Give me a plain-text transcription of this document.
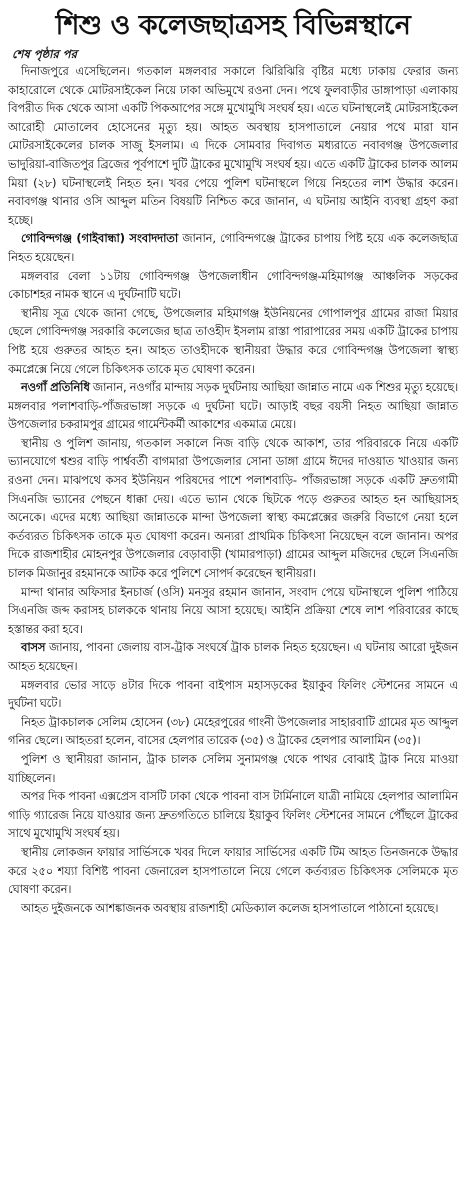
শিশু ও কলেজছাত্রসহ বিভিন্নস্থানে
শেষ পৃষ্ঠার পর

দিনাজপুরে এসেছিলেন। গতকাল মঙ্গলবার সকালে ঝিরিঝিরি বৃষ্টির মধ্যে ঢাকায় ফেরার জন্য কাহারোলে থেকে মোটরসাইকেল নিয়ে ঢাকা অভিমুখে রওনা দেন। পথে ফুলবাড়ীর ডাঙ্গাপাড়া এলাকায় বিপরীত দিক থেকে আসা একটি পিকআপের সঙ্গে মুখোমুখি সংঘর্ষ হয়। এতে ঘটনাস্থলেই মোটরসাইকেল আরোহী মোতালেব হোসেনের মৃত্যু হয়। আহত অবস্থায় হাসপাতালে নেয়ার পথে মারা যান মোটরসাইকেলের চালক সাজু ইসলাম। এ দিকে সোমবার দিবাগত মধ্যরাতে নবাবগঞ্জ উপজেলার ভাদুরিয়া-বাজিতপুর ব্রিজের পূর্বপাশে দুটি ট্রাকের মুখোমুখি সংঘর্ষ হয়। এতে একটি ট্রাকের চালক আলম মিয়া (২৮) ঘটনাস্থলেই নিহত হন। খবর পেয়ে পুলিশ ঘটনাস্থলে গিয়ে নিহতের লাশ উদ্ধার করেন। নবাবগঞ্জ থানার ওসি আব্দুল মতিন বিষয়টি নিশ্চিত করে জানান, এ ঘটনায় আইনি ব্যবস্থা গ্রহণ করা হচ্ছে।

গোবিন্দগঞ্জ (গাইবান্ধা) সংবাদদাতা জানান, গোবিন্দগঞ্জে ট্রাকের চাপায় পিষ্ট হয়ে এক কলেজছাত্র নিহত হয়েছেন।

মঙ্গলবার বেলা ১১টায় গোবিন্দগঞ্জ উপজেলাধীন গোবিন্দগঞ্জ-মহিমাগঞ্জ আঞ্চলিক সড়কের কোচাশহর নামক স্থানে এ দুর্ঘটনাটি ঘটে।

স্থানীয় সূত্র থেকে জানা গেছে, উপজেলার মহিমাগঞ্জ ইউনিয়নের গোপালপুর গ্রামের রাজা মিয়ার ছেলে গোবিন্দগঞ্জ সরকারি কলেজের ছাত্র তাওহীদ ইসলাম রাস্তা পারাপারের সময় একটি ট্রাকের চাপায় পিষ্ট হয়ে গুরুতর আহত হন। আহত তাওহীদকে স্থানীয়রা উদ্ধার করে গোবিন্দগঞ্জ উপজেলা স্বাস্থ্য কমপ্লেক্সে নিয়ে গেলে চিকিৎসক তাকে মৃত ঘোষণা করেন।

নওগাঁ প্রতিনিধি জানান, নওগাঁর মান্দায় সড়ক দুর্ঘটনায় আছিয়া জান্নাত নামে এক শিশুর মৃত্যু হয়েছে। মঙ্গলবার পলাশবাড়ি-পাঁজরভাঙ্গা সড়কে এ দুর্ঘটনা ঘটে। আড়াই বছর বয়সী নিহত আছিয়া জান্নাত উপজেলার চকরামপুর গ্রামের গার্মেন্টকর্মী আকাশের একমাত্র মেয়ে।

স্থানীয় ও পুলিশ জানায়, গতকাল সকালে নিজ বাড়ি থেকে আকাশ, তার পরিবারকে নিয়ে একটি ভ্যানযোগে শ্বশুর বাড়ি পার্শ্ববর্তী বাগমারা উপজেলার সোনা ডাঙ্গা গ্রামে ঈদের দাওয়াত খাওয়ার জন্য রওনা দেন। মাঝপথে কসব ইউনিয়ন পরিষদের পাশে পলাশবাড়ি- পাঁজরভাঙ্গা সড়কে একটি দ্রুতগামী সিএনজি ভ্যানের পেছনে ধাক্কা দেয়। এতে ভ্যান থেকে ছিটকে পড়ে গুরুতর আহত হন আছিয়াসহ অনেকে। এদের মধ্যে আছিয়া জান্নাতকে মান্দা উপজেলা স্বাস্থ্য কমপ্লেক্সের জরুরি বিভাগে নেয়া হলে কর্তব্যরত চিকিৎসক তাকে মৃত ঘোষণা করেন। অন্যরা প্রাথমিক চিকিৎসা নিয়েছেন বলে জানান। অপর দিকে রাজশাহীর মোহনপুর উপজেলার বেড়াবাড়ী (খামারপাড়া) গ্রামের আব্দুল মজিদের ছেলে সিএনজি চালক মিজানুর রহমানকে আটক করে পুলিশে সোপর্দ করেছেন স্থানীয়রা।

মান্দা থানার অফিসার ইনচার্জ (ওসি) মনসুর রহমান জানান, সংবাদ পেয়ে ঘটনাস্থলে পুলিশ পাঠিয়ে সিএনজি জব্দ করাসহ চালককে থানায় নিয়ে আসা হয়েছে। আইনি প্রক্রিয়া শেষে লাশ পরিবারের কাছে হস্তান্তর করা হবে।

বাসস জানায়, পাবনা জেলায় বাস-ট্রাক সংঘর্ষে ট্রাক চালক নিহত হয়েছেন। এ ঘটনায় আরো দুইজন আহত হয়েছেন।

মঙ্গলবার ভোর সাড়ে ৪টার দিকে পাবনা বাইপাস মহাসড়কের ইয়াকুব ফিলিং স্টেশনের সামনে এ দুর্ঘটনা ঘটে।

নিহত ট্রাকচালক সেলিম হোসেন (৩৮) মেহেরপুরের গাংনী উপজেলার সাহারবাটি গ্রামের মৃত আব্দুল গনির ছেলে। আহতরা হলেন, বাসের হেলপার তারেক (৩৫) ও ট্রাকের হেলপার আলামিন (৩৫)।

পুলিশ ও স্থানীয়রা জানান, ট্রাক চালক সেলিম সুনামগঞ্জ থেকে পাথর বোঝাই ট্রাক নিয়ে মাওয়া যাচ্ছিলেন।

অপর দিক পাবনা এক্সপ্রেস বাসটি ঢাকা থেকে পাবনা বাস টার্মিনালে যাত্রী নামিয়ে হেলপার আলামিন গাড়ি গ্যারেজ নিয়ে যাওয়ার জন্য দ্রুতগতিতে চালিয়ে ইয়াকুব ফিলিং স্টেশনের সামনে পৌঁছলে ট্রাকের সাথে মুখোমুখি সংঘর্ষ হয়।

স্থানীয় লোকজন ফায়ার সার্ভিসকে খবর দিলে ফায়ার সার্ভিসের একটি টিম আহত তিনজনকে উদ্ধার করে ২৫০ শয্যা বিশিষ্ট পাবনা জেনারেল হাসপাতালে নিয়ে গেলে কর্তব্যরত চিকিৎসক সেলিমকে মৃত ঘোষণা করেন।

আহত দুইজনকে আশঙ্কাজনক অবস্থায় রাজশাহী মেডিক্যাল কলেজ হাসপাতালে পাঠানো হয়েছে।
